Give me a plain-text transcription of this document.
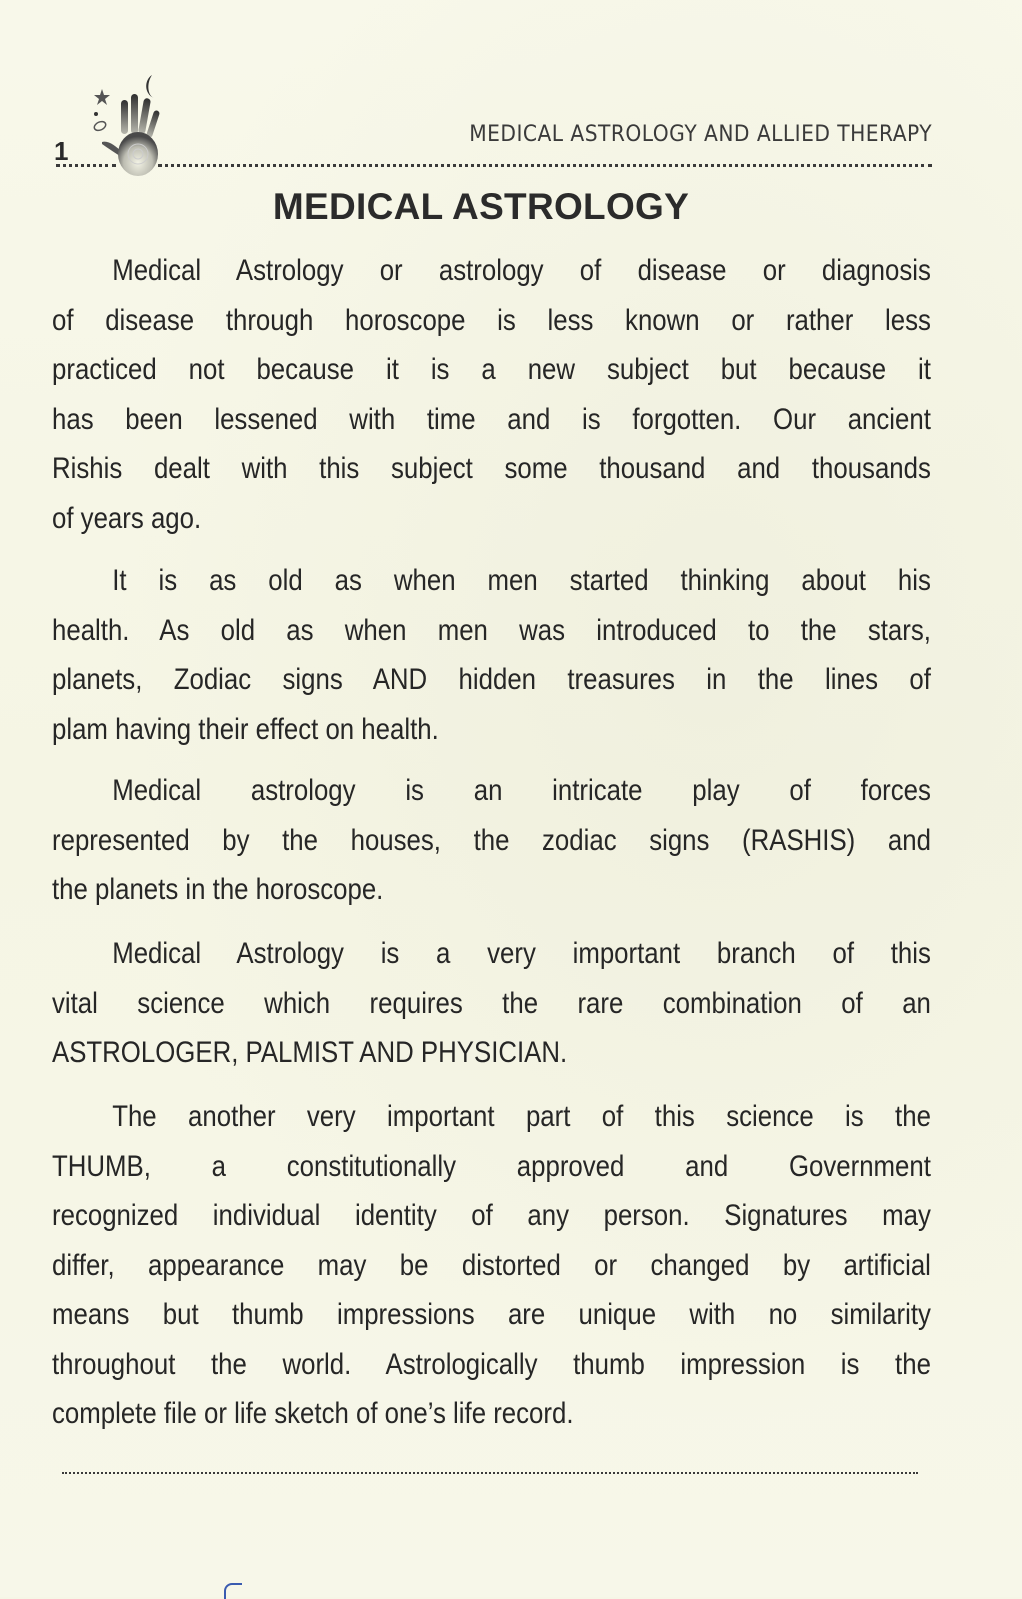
1
MEDICAL ASTROLOGY AND ALLIED THERAPY
MEDICAL ASTROLOGY

Medical Astrology or astrology of disease or diagnosis
of disease through horoscope is less known or rather less
practiced not because it is a new subject but because it
has been lessened with time and is forgotten. Our ancient
Rishis dealt with this subject some thousand and thousands
of years ago.

It is as old as when men started thinking about his
health. As old as when men was introduced to the stars,
planets, Zodiac signs AND hidden treasures in the lines of
plam having their effect on health.

Medical astrology is an intricate play of forces
represented by the houses, the zodiac signs (RASHIS) and
the planets in the horoscope.

Medical Astrology is a very important branch of this
vital science which requires the rare combination of an
ASTROLOGER, PALMIST AND PHYSICIAN.

The another very important part of this science is the
THUMB, a constitutionally approved and Government
recognized individual identity of any person. Signatures may
differ, appearance may be distorted or changed by artificial
means but thumb impressions are unique with no similarity
throughout the world. Astrologically thumb impression is the
complete file or life sketch of one’s life record.
